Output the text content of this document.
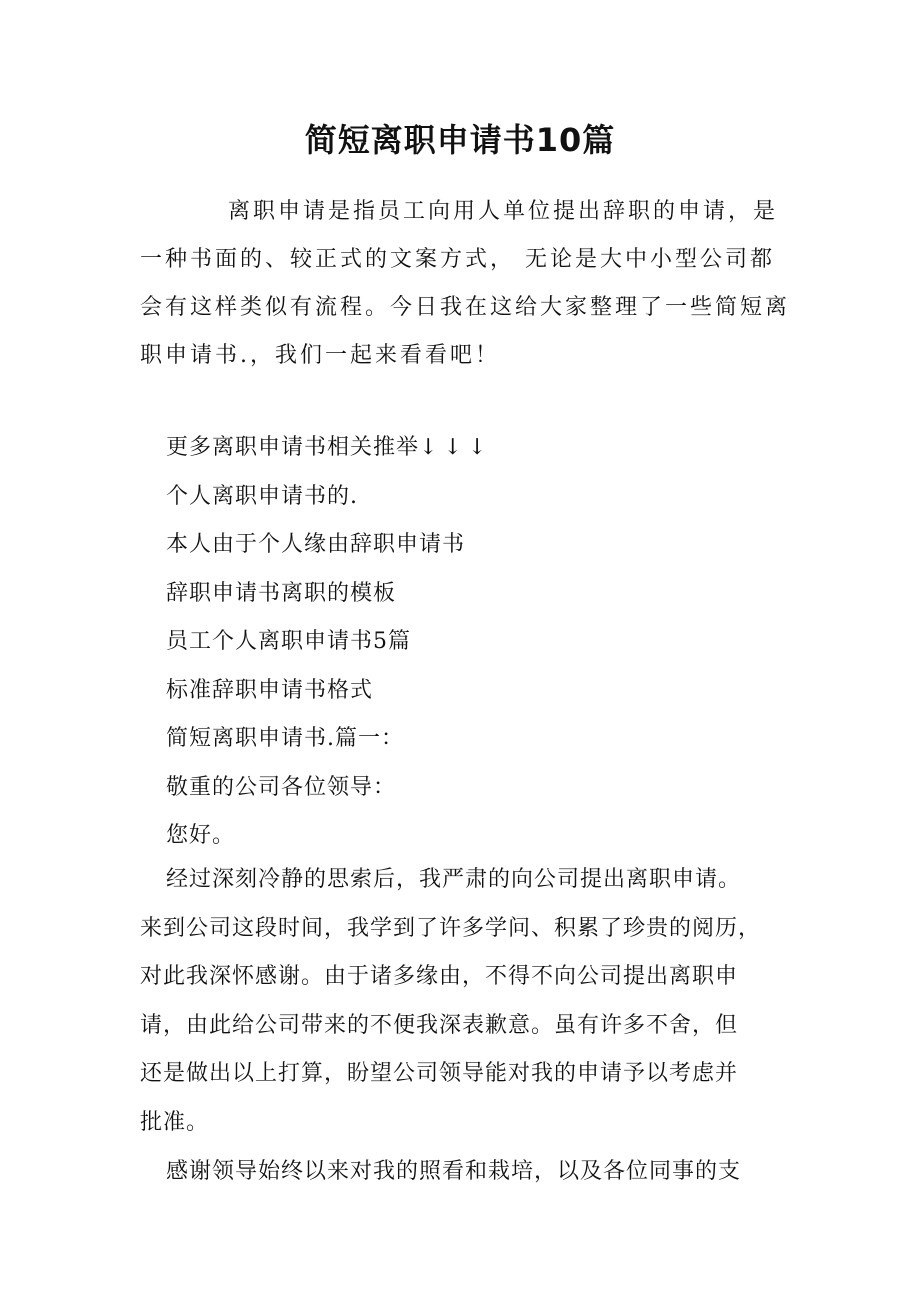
简短离职申请书10篇
离职申请是指员工向用人单位提出辞职的申请，是
一种书面的、较正式的文案方式， 无论是大中小型公司都
会有这样类似有流程。今日我在这给大家整理了一些简短离
职申请书.，我们一起来看看吧！
更多离职申请书相关推举↓↓↓
个人离职申请书的.
本人由于个人缘由辞职申请书
辞职申请书离职的模板
员工个人离职申请书5篇
标准辞职申请书格式
简短离职申请书.篇一：
敬重的公司各位领导：
您好。
经过深刻冷静的思索后，我严肃的向公司提出离职申请。
来到公司这段时间，我学到了许多学问、积累了珍贵的阅历，
对此我深怀感谢。由于诸多缘由，不得不向公司提出离职申
请，由此给公司带来的不便我深表歉意。虽有许多不舍，但
还是做出以上打算，盼望公司领导能对我的申请予以考虑并
批准。
感谢领导始终以来对我的照看和栽培，以及各位同事的支
